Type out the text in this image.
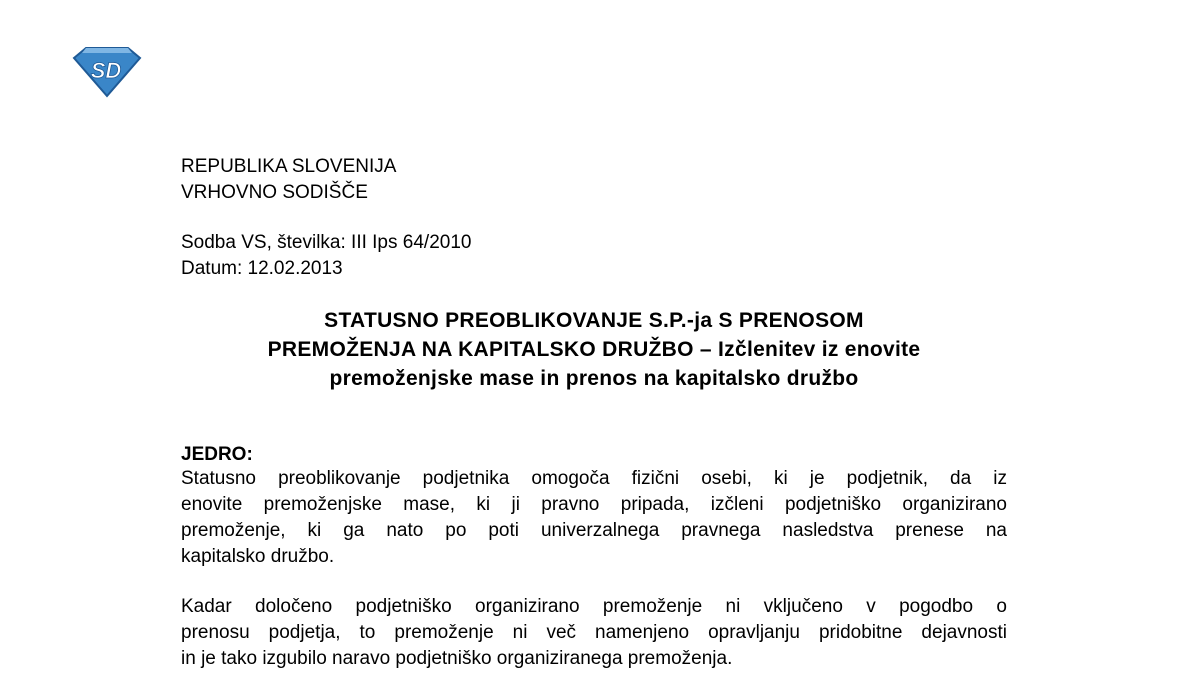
SD
REPUBLIKA SLOVENIJA
VRHOVNO SODIŠČE
Sodba VS, številka: III Ips 64/2010
Datum: 12.02.2013
STATUSNO PREOBLIKOVANJE S.P.-ja S PRENOSOM
PREMOŽENJA NA KAPITALSKO DRUŽBO – Izčlenitev iz enovite
premoženjske mase in prenos na kapitalsko družbo
JEDRO:
Statusno preoblikovanje podjetnika omogoča fizični osebi, ki je podjetnik, da iz
enovite premoženjske mase, ki ji pravno pripada, izčleni podjetniško organizirano
premoženje, ki ga nato po poti univerzalnega pravnega nasledstva prenese na
kapitalsko družbo.
Kadar določeno podjetniško organizirano premoženje ni vključeno v pogodbo o
prenosu podjetja, to premoženje ni več namenjeno opravljanju pridobitne dejavnosti
in je tako izgubilo naravo podjetniško organiziranega premoženja.
